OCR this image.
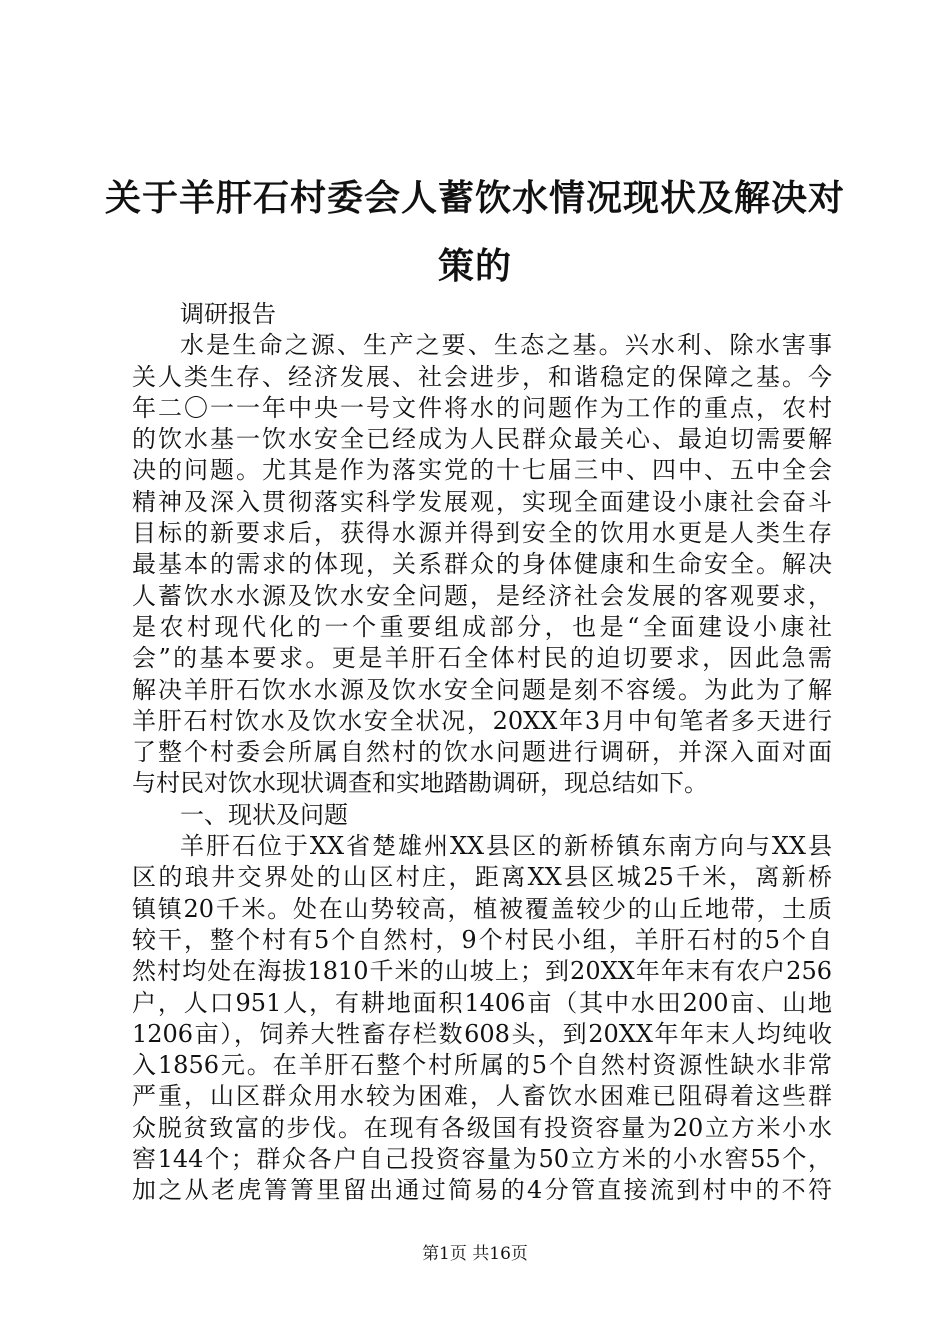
关于羊肝石村委会人蓄饮水情况现状及解决对
策的
调研报告
水是生命之源、生产之要、生态之基。兴水利、除水害事
关人类生存、经济发展、社会进步，和谐稳定的保障之基。今
年二〇一一年中央一号文件将水的问题作为工作的重点，农村
的饮水基一饮水安全已经成为人民群众最关心、最迫切需要解
决的问题。尤其是作为落实党的十七届三中、四中、五中全会
精神及深入贯彻落实科学发展观，实现全面建设小康社会奋斗
目标的新要求后，获得水源并得到安全的饮用水更是人类生存
最基本的需求的体现，关系群众的身体健康和生命安全。解决
人蓄饮水水源及饮水安全问题，是经济社会发展的客观要求，
是农村现代化的一个重要组成部分，也是“全面建设小康社
会”的基本要求。更是羊肝石全体村民的迫切要求，因此急需
解决羊肝石饮水水源及饮水安全问题是刻不容缓。为此为了解
羊肝石村饮水及饮水安全状况，20XX年3月中旬笔者多天进行
了整个村委会所属自然村的饮水问题进行调研，并深入面对面
与村民对饮水现状调查和实地踏勘调研，现总结如下。
一、现状及问题
羊肝石位于XX省楚雄州XX县区的新桥镇东南方向与XX县
区的琅井交界处的山区村庄，距离XX县区城25千米，离新桥
镇镇20千米。处在山势较高，植被覆盖较少的山丘地带，土质
较干，整个村有5个自然村，9个村民小组，羊肝石村的5个自
然村均处在海拔1810千米的山坡上；到20XX年年末有农户256
户，人口951人，有耕地面积1406亩（其中水田200亩、山地
1206亩），饲养大牲畜存栏数608头，到20XX年年末人均纯收
入1856元。在羊肝石整个村所属的5个自然村资源性缺水非常
严重，山区群众用水较为困难，人畜饮水困难已阻碍着这些群
众脱贫致富的步伐。在现有各级国有投资容量为20立方米小水
窖144个；群众各户自己投资容量为50立方米的小水窖55个，
加之从老虎箐箐里留出通过简易的4分管直接流到村中的不符
第1页 共16页
